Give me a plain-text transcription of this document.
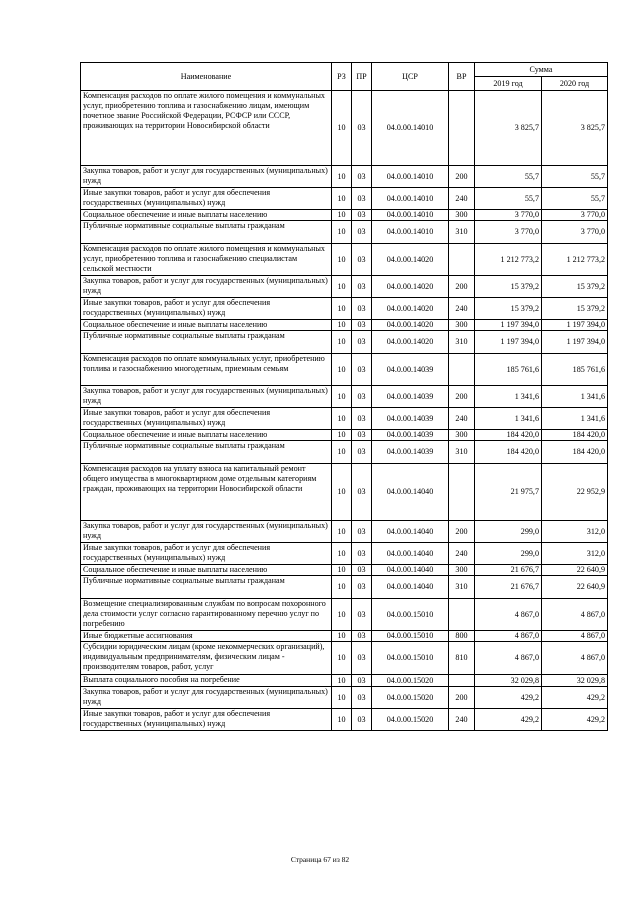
Наименование	РЗ	ПР	ЦСР	ВР	Сумма	
					2019 год	2020 год
Компенсация расходов по оплате жилого помещения и коммунальных услуг, приобретению топлива и газоснабжению лицам, имеющим почетное звание Российской Федерации, РСФСР или СССР, проживающих на территории Новосибирской области	10	03	04.0.00.14010		3 825,7	3 825,7
Закупка товаров, работ и услуг для государственных (муниципальных) нужд	10	03	04.0.00.14010	200	55,7	55,7
Иные закупки товаров, работ и услуг для обеспечения государственных (муниципальных) нужд	10	03	04.0.00.14010	240	55,7	55,7
Социальное обеспечение и иные выплаты населению	10	03	04.0.00.14010	300	3 770,0	3 770,0
Публичные нормативные социальные выплаты гражданам	10	03	04.0.00.14010	310	3 770,0	3 770,0
Компенсация расходов по оплате жилого помещения и коммунальных услуг, приобретению топлива и газоснабжению специалистам сельской местности	10	03	04.0.00.14020		1 212 773,2	1 212 773,2
Закупка товаров, работ и услуг для государственных (муниципальных) нужд	10	03	04.0.00.14020	200	15 379,2	15 379,2
Иные закупки товаров, работ и услуг для обеспечения государственных (муниципальных) нужд	10	03	04.0.00.14020	240	15 379,2	15 379,2
Социальное обеспечение и иные выплаты населению	10	03	04.0.00.14020	300	1 197 394,0	1 197 394,0
Публичные нормативные социальные выплаты гражданам	10	03	04.0.00.14020	310	1 197 394,0	1 197 394,0
Компенсация расходов по оплате коммунальных услуг, приобретению топлива и газоснабжению многодетным, приемным семьям	10	03	04.0.00.14039		185 761,6	185 761,6
Закупка товаров, работ и услуг для государственных (муниципальных) нужд	10	03	04.0.00.14039	200	1 341,6	1 341,6
Иные закупки товаров, работ и услуг для обеспечения государственных (муниципальных) нужд	10	03	04.0.00.14039	240	1 341,6	1 341,6
Социальное обеспечение и иные выплаты населению	10	03	04.0.00.14039	300	184 420,0	184 420,0
Публичные нормативные социальные выплаты гражданам	10	03	04.0.00.14039	310	184 420,0	184 420,0
Компенсация расходов на уплату взноса на капитальный ремонт общего имущества в многоквартирном доме отдельным категориям граждан, проживающих на территории Новосибирской области	10	03	04.0.00.14040		21 975,7	22 952,9
Закупка товаров, работ и услуг для государственных (муниципальных) нужд	10	03	04.0.00.14040	200	299,0	312,0
Иные закупки товаров, работ и услуг для обеспечения государственных (муниципальных) нужд	10	03	04.0.00.14040	240	299,0	312,0
Социальное обеспечение и иные выплаты населению	10	03	04.0.00.14040	300	21 676,7	22 640,9
Публичные нормативные социальные выплаты гражданам	10	03	04.0.00.14040	310	21 676,7	22 640,9
Возмещение специализированным службам по вопросам похоронного дела стоимости услуг согласно гарантированному перечню услуг по погребению	10	03	04.0.00.15010		4 867,0	4 867,0
Иные бюджетные ассигнования	10	03	04.0.00.15010	800	4 867,0	4 867,0
Субсидии юридическим лицам (кроме некоммерческих организаций), индивидуальным предпринимателям, физическим лицам - производителям товаров, работ, услуг	10	03	04.0.00.15010	810	4 867,0	4 867,0
Выплата социального пособия на погребение	10	03	04.0.00.15020		32 029,8	32 029,8
Закупка товаров, работ и услуг для государственных (муниципальных) нужд	10	03	04.0.00.15020	200	429,2	429,2
Иные закупки товаров, работ и услуг для обеспечения государственных (муниципальных) нужд	10	03	04.0.00.15020	240	429,2	429,2
Страница 67 из 82
